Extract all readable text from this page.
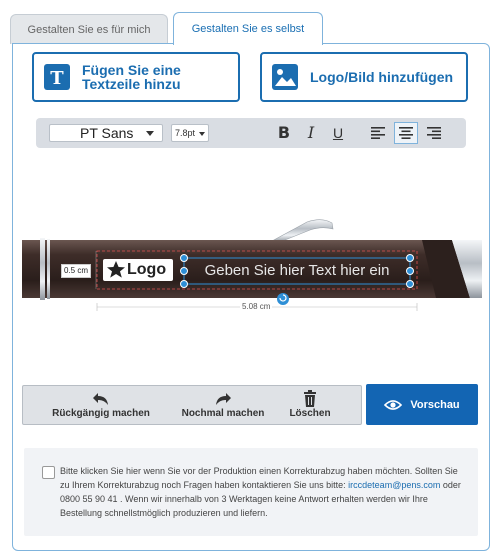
Gestalten Sie es für mich	Gestalten Sie es selbst
T Fügen Sie eine Textzeile hinzu	Logo/Bild hinzufügen
PT Sans	7.8pt	B	I	U
0.5 cm Logo	Geben Sie hier Text hier ein
5.08 cm
Rückgängig machen	Nochmal machen	Löschen
Vorschau
Bitte klicken Sie hier wenn Sie vor der Produktion einen Korrekturabzug haben möchten. Sollten Sie zu Ihrem Korrekturabzug noch Fragen haben kontaktieren Sie uns bitte: irccdeteam@pens.com oder 0800 55 90 41 . Wenn wir innerhalb von 3 Werktagen keine Antwort erhalten werden wir Ihre Bestellung schnellstmöglich produzieren und liefern.
